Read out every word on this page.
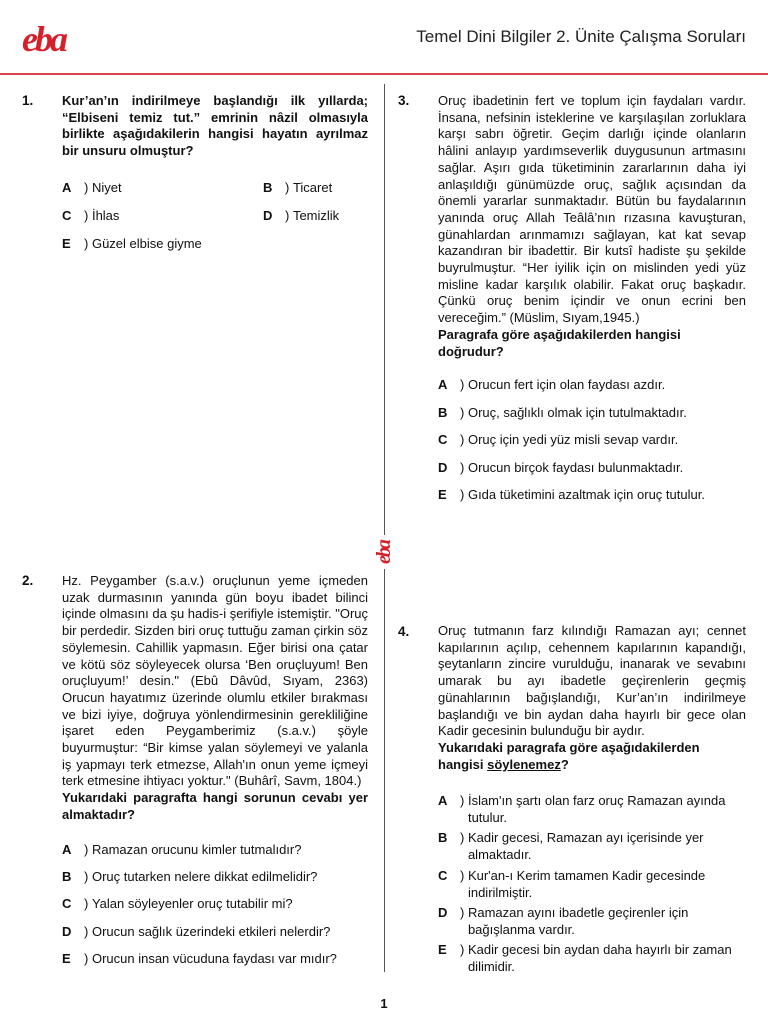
eba	Temel Dini Bilgiler 2. Ünite Çalışma Soruları
eba
1. Kur’an’ın indirilmeye başlandığı ilk yıllarda; “Elbiseni temiz tut.” emrinin nâzil olmasıyla birlikte aşağıdakilerin hangisi hayatın ayrılmaz bir unsuru olmuştur?
A ) Niyet	B ) Ticaret
C ) İhlas	D ) Temizlik
E	) Güzel elbise giyme
3. Oruç ibadetinin fert ve toplum için faydaları vardır. İnsana, nefsinin isteklerine ve karşılaşılan zorluklara karşı sabrı öğretir. Geçim darlığı içinde olanların hâlini anlayıp yardımseverlik duygusunun artmasını sağlar. Aşırı gıda tüketiminin zararlarının daha iyi anlaşıldığı günümüzde oruç, sağlık açısından da önemli yararlar sunmaktadır. Bütün bu faydalarının yanında oruç Allah Teâlâ’nın rızasına kavuşturan, günahlardan arınmamızı sağlayan, kat kat sevap kazandıran bir ibadettir. Bir kutsî hadiste şu şekilde buyrulmuştur. “Her iyilik için on mislinden yedi yüz misline kadar karşılık olabilir. Fakat oruç başkadır. Çünkü oruç benim içindir ve onun ecrini ben vereceğim.” (Müslim, Sıyam,1945.)
Paragrafa göre aşağıdakilerden hangisi doğrudur?
A ) Orucun fert için olan faydası azdır.
B ) Oruç, sağlıklı olmak için tutulmaktadır.
C ) Oruç için yedi yüz misli sevap vardır.
D ) Orucun birçok faydası bulunmaktadır.
E	) Gıda tüketimini azaltmak için oruç tutulur.
2. Hz. Peygamber (s.a.v.) oruçlunun yeme içmeden uzak durmasının yanında gün boyu ibadet bilinci içinde olmasını da şu hadis-i şerifiyle istemiştir. "Oruç bir perdedir. Sizden biri oruç tuttuğu zaman çirkin söz söylemesin. Cahillik yapmasın. Eğer birisi ona çatar ve kötü söz söyleyecek olursa ‘Ben oruçluyum! Ben oruçluyum!’ desin." (Ebû Dâvûd, Sıyam, 2363) Orucun hayatımız üzerinde olumlu etkiler bırakması ve bizi iyiye, doğruya yönlendirmesinin gerekliliğine işaret eden Peygamberimiz (s.a.v.) şöyle buyurmuştur: “Bir kimse yalan söylemeyi ve yalanla iş yapmayı terk etmezse, Allah'ın onun yeme içmeyi terk etmesine ihtiyacı yoktur." (Buhârî, Savm, 1804.)
Yukarıdaki paragrafta hangi sorunun cevabı yer almaktadır?
A ) Ramazan orucunu kimler tutmalıdır?
B ) Oruç tutarken nelere dikkat edilmelidir?
C ) Yalan söyleyenler oruç tutabilir mi?
D ) Orucun sağlık üzerindeki etkileri nelerdir?
E	) Orucun insan vücuduna faydası var mıdır?
4. Oruç tutmanın farz kılındığı Ramazan ayı; cennet kapılarının açılıp, cehennem kapılarının kapandığı, şeytanların zincire vurulduğu, inanarak ve sevabını umarak bu ayı ibadetle geçirenlerin geçmiş günahlarının bağışlandığı, Kur’an’ın indirilmeye başlandığı ve bin aydan daha hayırlı bir gece olan Kadir gecesinin bulunduğu bir aydır.
Yukarıdaki paragrafa göre aşağıdakilerden hangisi söylenemez?
A ) İslam'ın şartı olan farz oruç Ramazan ayında tutulur.
B ) Kadir gecesi, Ramazan ayı içerisinde yer almaktadır.
C ) Kur'an-ı Kerim tamamen Kadir gecesinde indirilmiştir.
D ) Ramazan ayını ibadetle geçirenler için bağışlanma vardır.
E	) Kadir gecesi bin aydan daha hayırlı bir zaman dilimidir.
1
